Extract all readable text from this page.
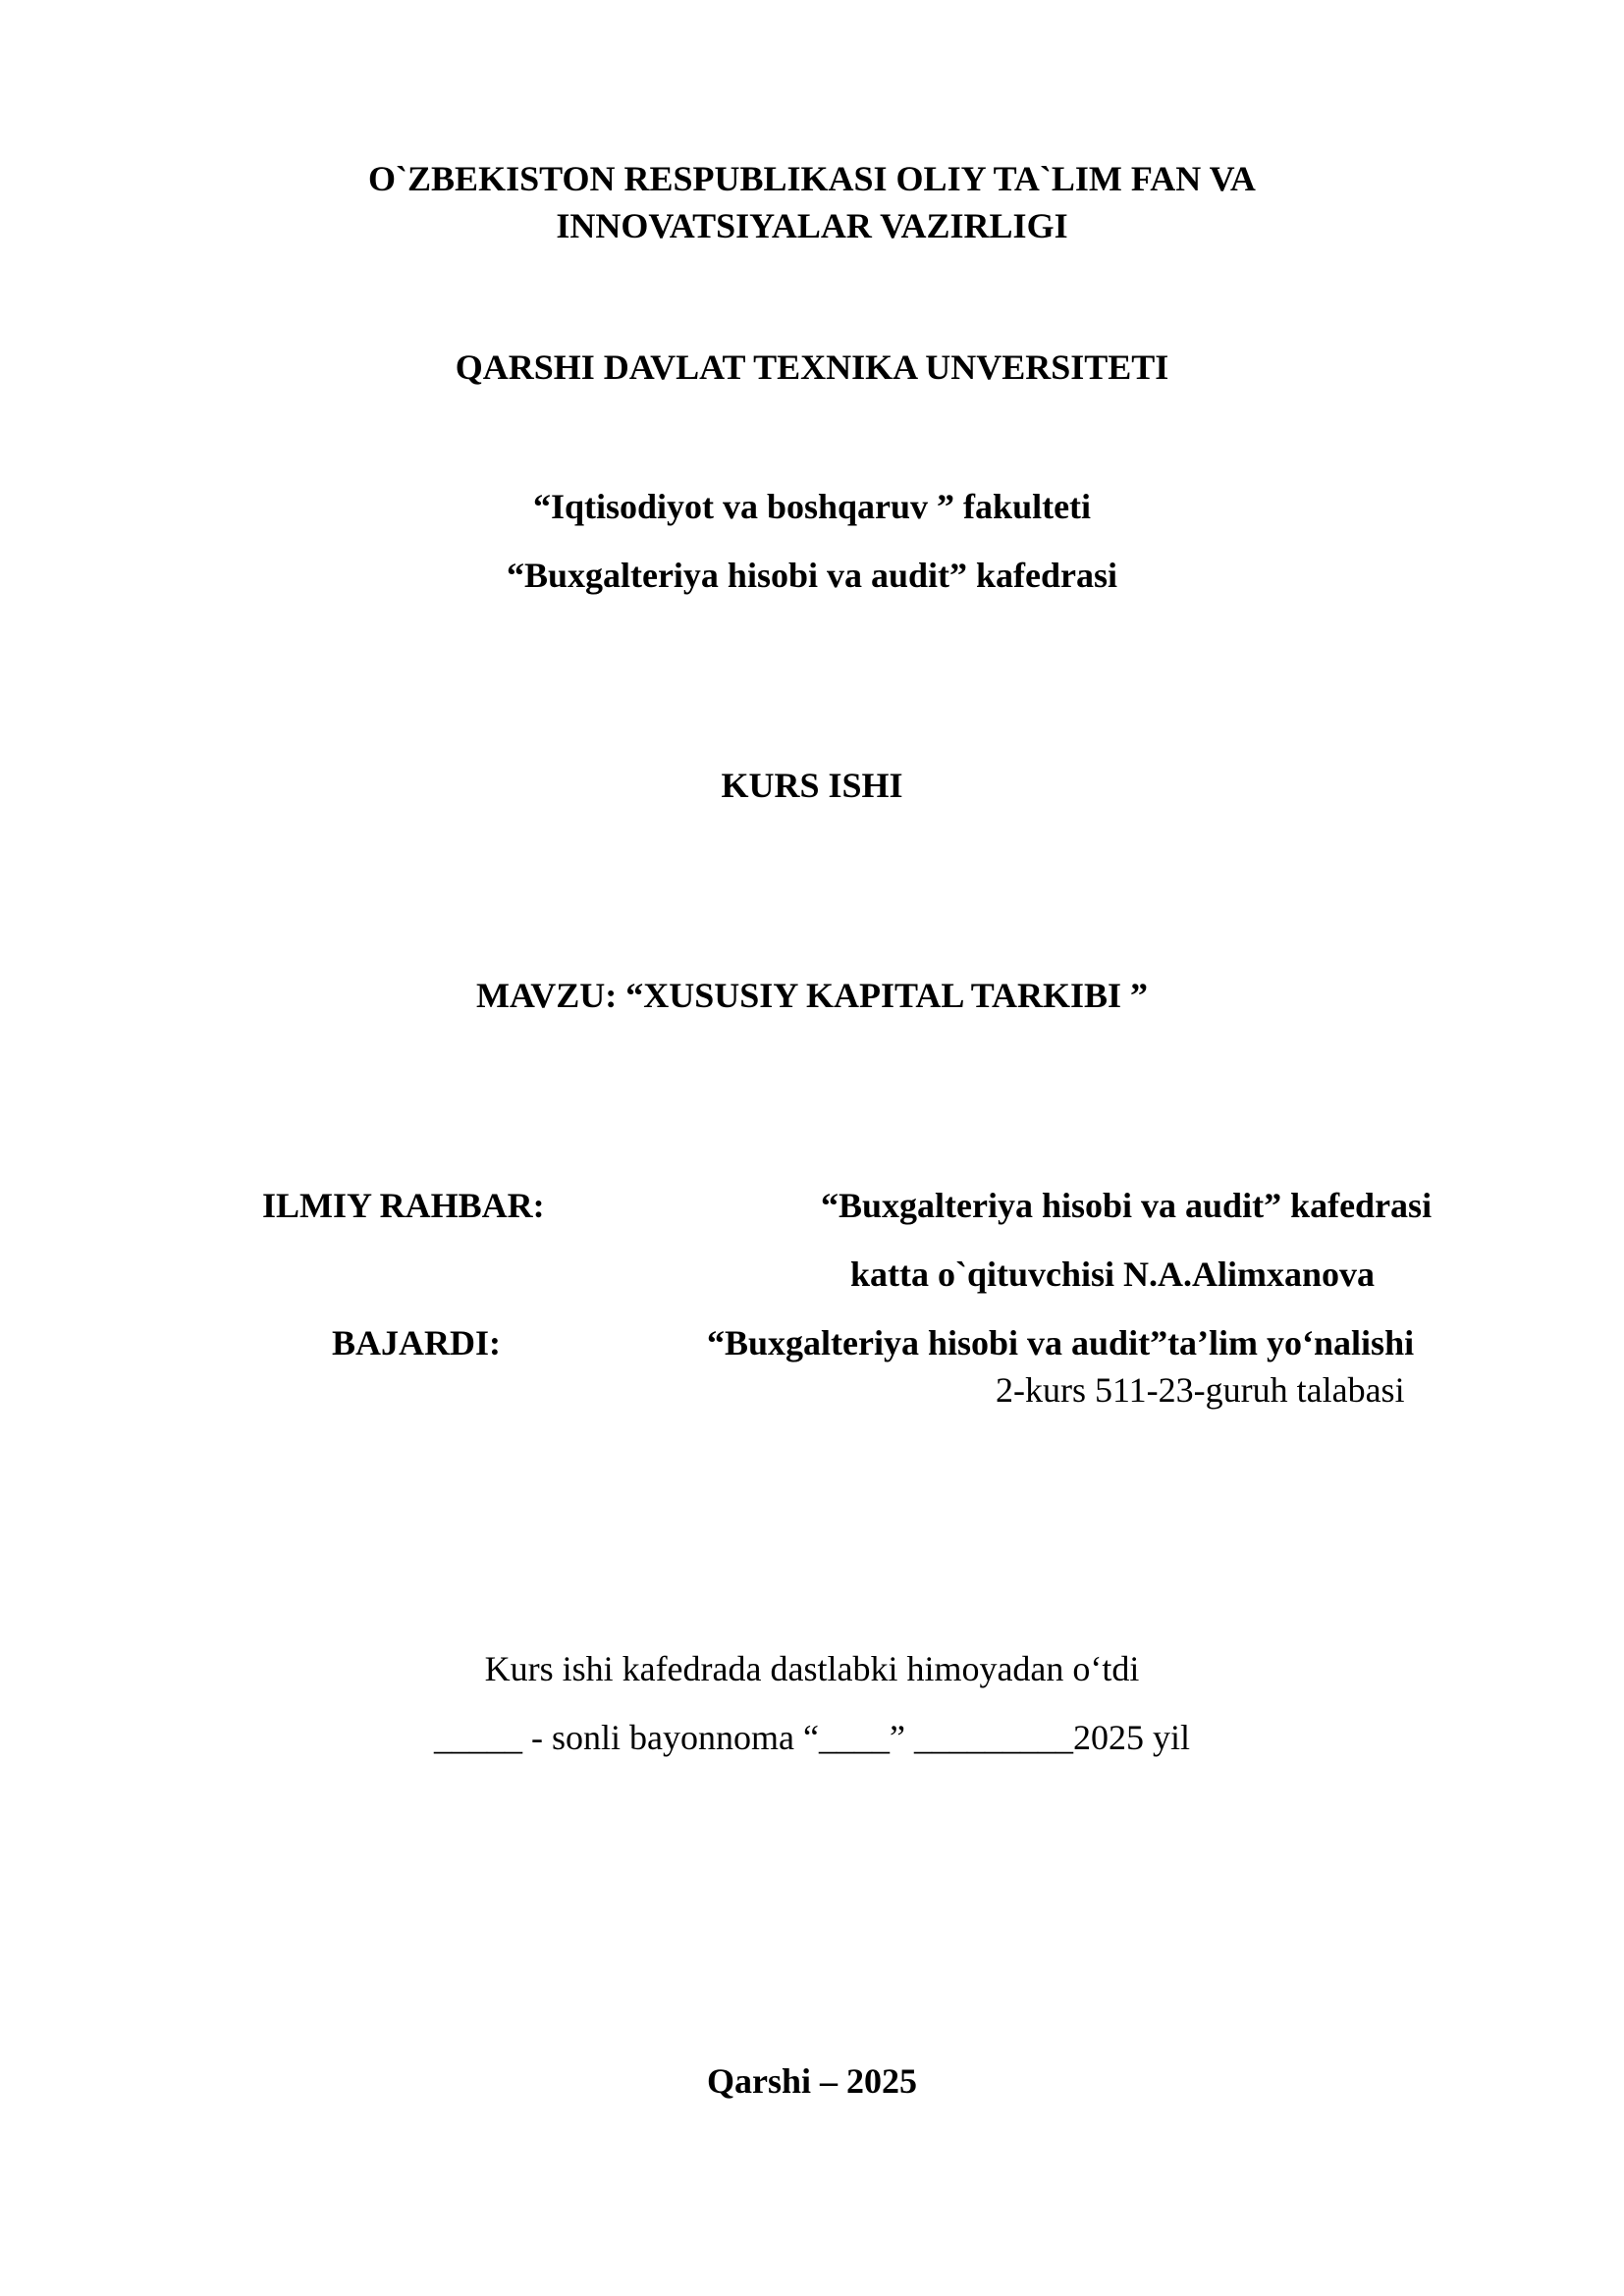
O`ZBEKISTON RESPUBLIKASI OLIY TA`LIM FAN VA
INNOVATSIYALAR VAZIRLIGI
QARSHI DAVLAT TEXNIKA UNVERSITETI
“Iqtisodiyot va boshqaruv ” fakulteti
“Buxgalteriya hisobi va audit” kafedrasi
KURS ISHI
MAVZU: “XUSUSIY KAPITAL TARKIBI ”
ILMIY RAHBAR:	“Buxgalteriya hisobi va audit” kafedrasi
katta o`qituvchisi N.A.Alimxanova
BAJARDI:	“Buxgalteriya hisobi va audit”ta’lim yo‘nalishi
2-kurs 511-23-guruh talabasi
Kurs ishi kafedrada dastlabki himoyadan o‘tdi
_____ - sonli bayonnoma “____” _________2025 yil
Qarshi – 2025
